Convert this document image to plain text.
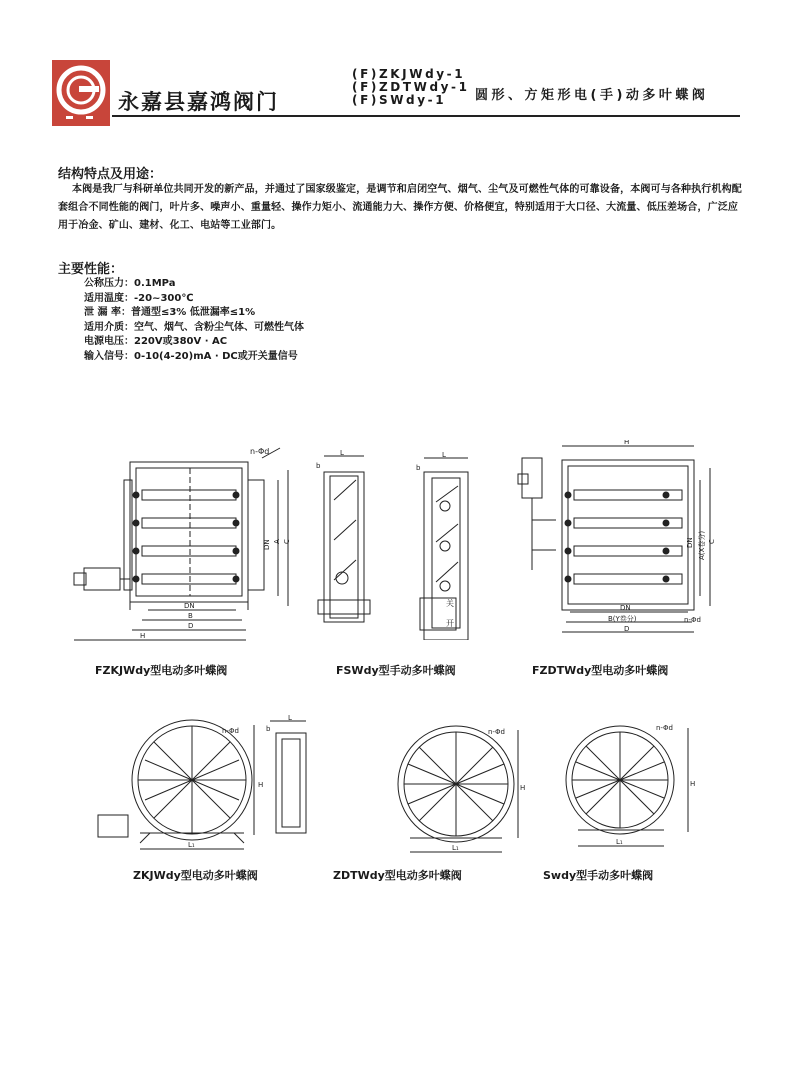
永嘉县嘉鸿阀门
(F)ZKJWdy-1
(F)ZDTWdy-1
(F)SWdy-1	圆形、方矩形电(手)动多叶蝶阀
结构特点及用途：
本阀是我厂与科研单位共同开发的新产品，并通过了国家级鉴定，是调节和启闭空气、烟气、尘气及可燃性气体的可靠设备，本阀可与各种执行机构配套组合不同性能的阀门，叶片多、噪声小、重量轻、操作力矩小、流通能力大、操作方便、价格便宜，特别适用于大口径、大流量、低压差场合，广泛应用于冶金、矿山、建材、化工、电站等工业部门。
主要性能：
公称压力：0.1MPa
适用温度：-20~300℃
泄 漏 率：普通型≤3% 低泄漏率≤1%
适用介质：空气、烟气、含粉尘气体、可燃性气体
电源电压：220V或380V · AC
输入信号：0-10(4-20)mA · DC或开关量信号
n-Φd
DN A C
DN
B
D
H
L
b
L
b
关
开
H
DN A(X卷分) C
DN
B(Y卷分)
D
n-Φd
FZKJWdy型电动多叶蝶阀	FSWdy型手动多叶蝶阀	FZDTWdy型电动多叶蝶阀
L₁
n-Φd
H
L
b
L₁
n-Φd
H
L₁
n-Φd
H
ZKJWdy型电动多叶蝶阀	ZDTWdy型电动多叶蝶阀	Swdy型手动多叶蝶阀
